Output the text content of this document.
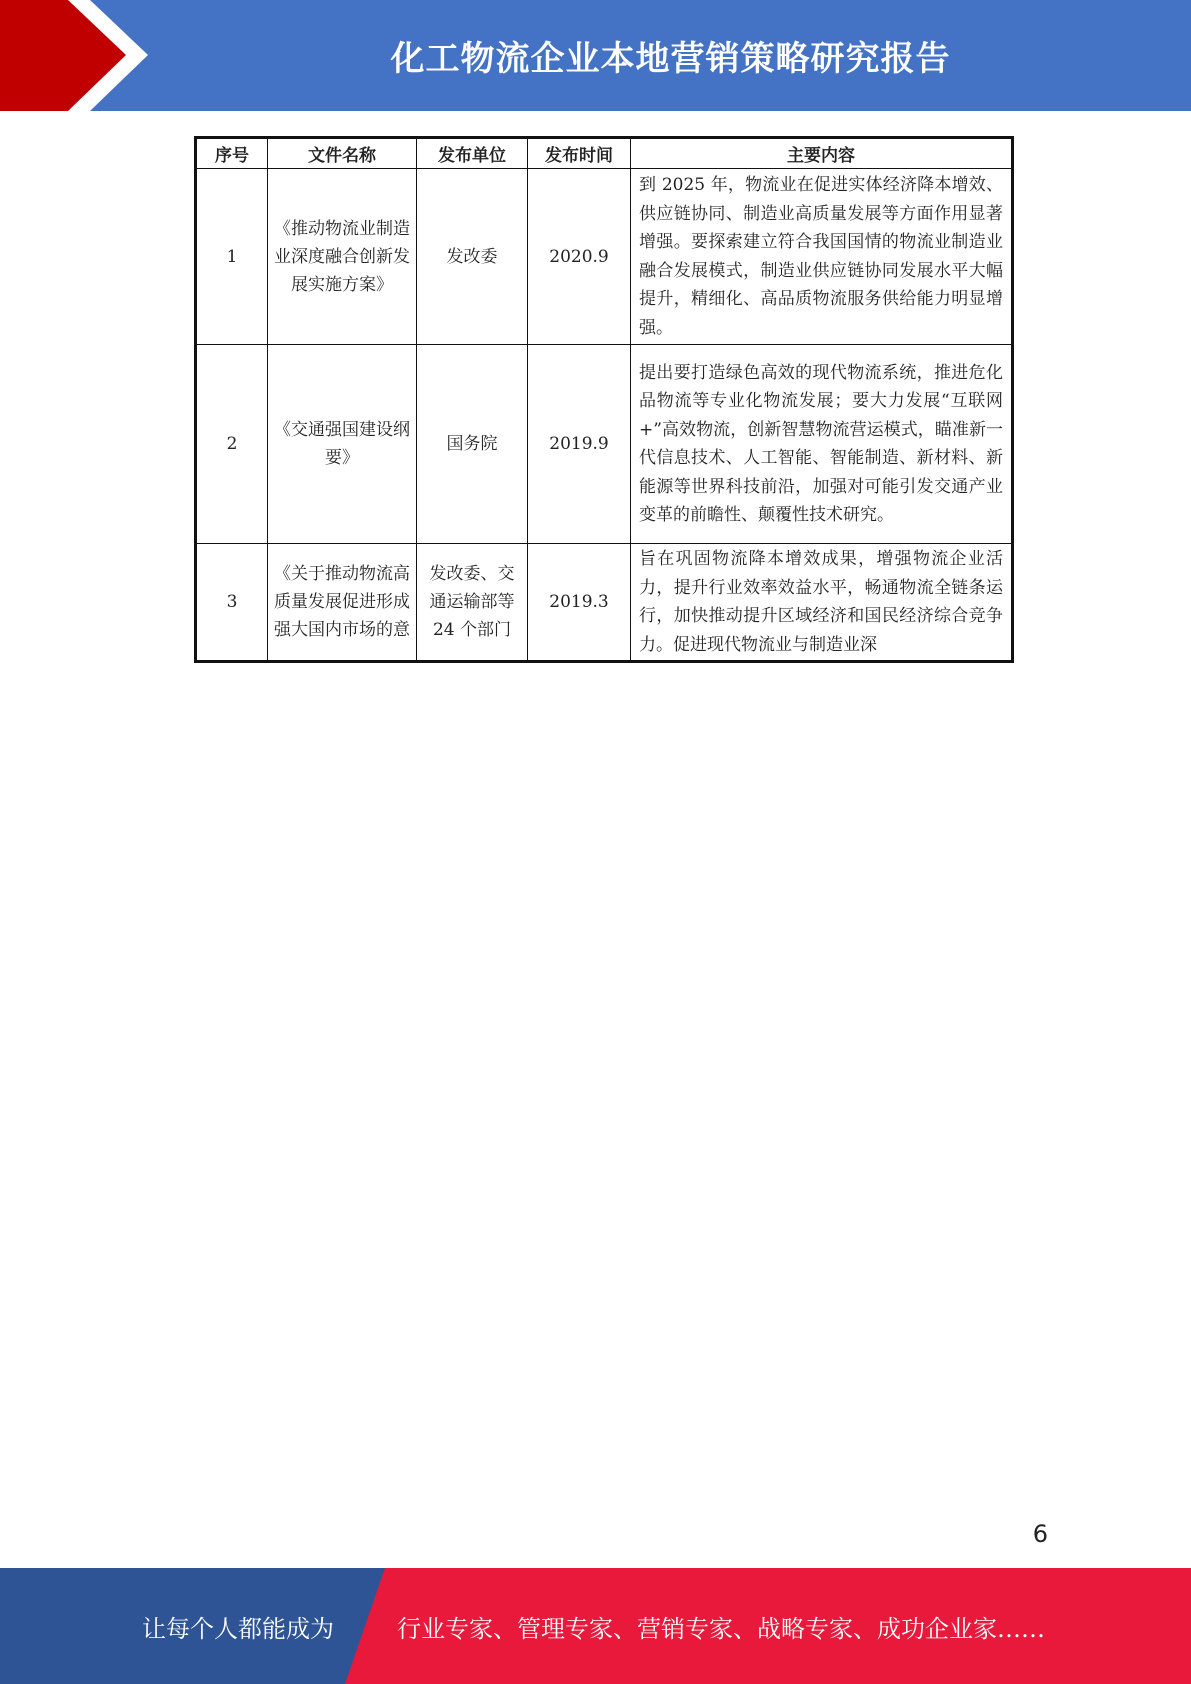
化工物流企业本地营销策略研究报告
序号	文件名称	发布单位	发布时间	主要内容
1	《推动物流业制造业深度融合创新发展实施方案》	发改委	2020.9	到 2025 年，物流业在促进实体经济降本增效、供应链协同、制造业高质量发展等方面作用显著增强。要探索建立符合我国国情的物流业制造业融合发展模式，制造业供应链协同发展水平大幅提升，精细化、高品质物流服务供给能力明显增强。
2	《交通强国建设纲要》	国务院	2019.9	提出要打造绿色高效的现代物流系统，推进危化品物流等专业化物流发展；要大力发展“互联网+”高效物流，创新智慧物流营运模式，瞄准新一代信息技术、人工智能、智能制造、新材料、新能源等世界科技前沿，加强对可能引发交通产业变革的前瞻性、颠覆性技术研究。
3	《关于推动物流高质量发展促进形成强大国内市场的意	发改委、交通运输部等 24 个部门	2019.3	旨在巩固物流降本增效成果，增强物流企业活力，提升行业效率效益水平，畅通物流全链条运行，加快推动提升区域经济和国民经济综合竞争力。促进现代物流业与制造业深
6
让每个人都能成为	行业专家、管理专家、营销专家、战略专家、成功企业家……
